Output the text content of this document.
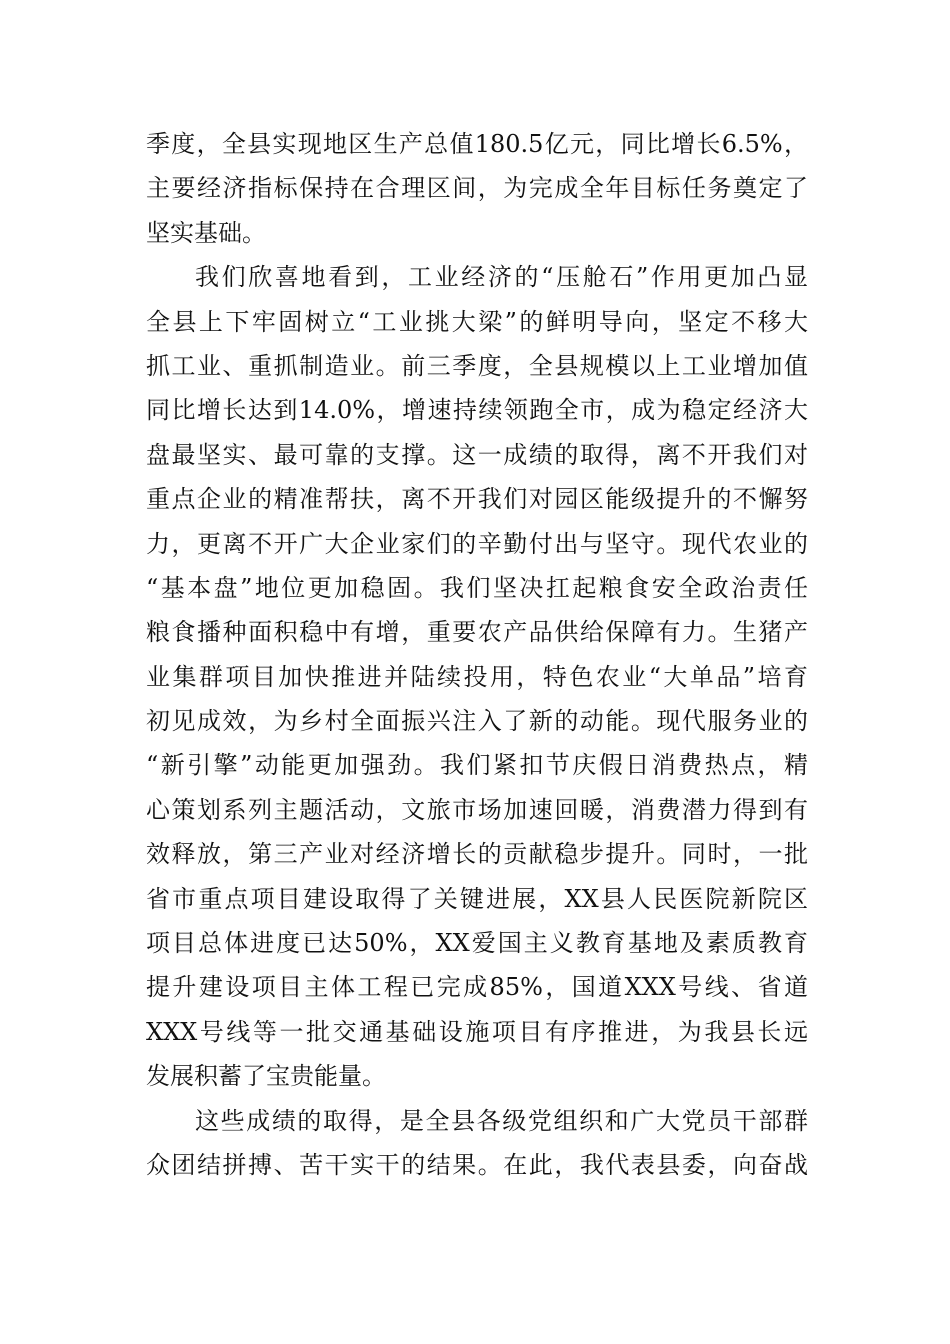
季度，全县实现地区生产总值180.5亿元，同比增长6.5%，
主要经济指标保持在合理区间，为完成全年目标任务奠定了
坚实基础。
我们欣喜地看到，工业经济的“压舱石”作用更加凸显
全县上下牢固树立“工业挑大梁”的鲜明导向，坚定不移大
抓工业、重抓制造业。前三季度，全县规模以上工业增加值
同比增长达到14.0%，增速持续领跑全市，成为稳定经济大
盘最坚实、最可靠的支撑。这一成绩的取得，离不开我们对
重点企业的精准帮扶，离不开我们对园区能级提升的不懈努
力，更离不开广大企业家们的辛勤付出与坚守。现代农业的
“基本盘”地位更加稳固。我们坚决扛起粮食安全政治责任
粮食播种面积稳中有增，重要农产品供给保障有力。生猪产
业集群项目加快推进并陆续投用，特色农业“大单品”培育
初见成效，为乡村全面振兴注入了新的动能。现代服务业的
“新引擎”动能更加强劲。我们紧扣节庆假日消费热点，精
心策划系列主题活动，文旅市场加速回暖，消费潜力得到有
效释放，第三产业对经济增长的贡献稳步提升。同时，一批
省市重点项目建设取得了关键进展，XX县人民医院新院区
项目总体进度已达50%，XX爱国主义教育基地及素质教育
提升建设项目主体工程已完成85%，国道XXX号线、省道
XXX号线等一批交通基础设施项目有序推进，为我县长远
发展积蓄了宝贵能量。
这些成绩的取得，是全县各级党组织和广大党员干部群
众团结拼搏、苦干实干的结果。在此，我代表县委，向奋战
